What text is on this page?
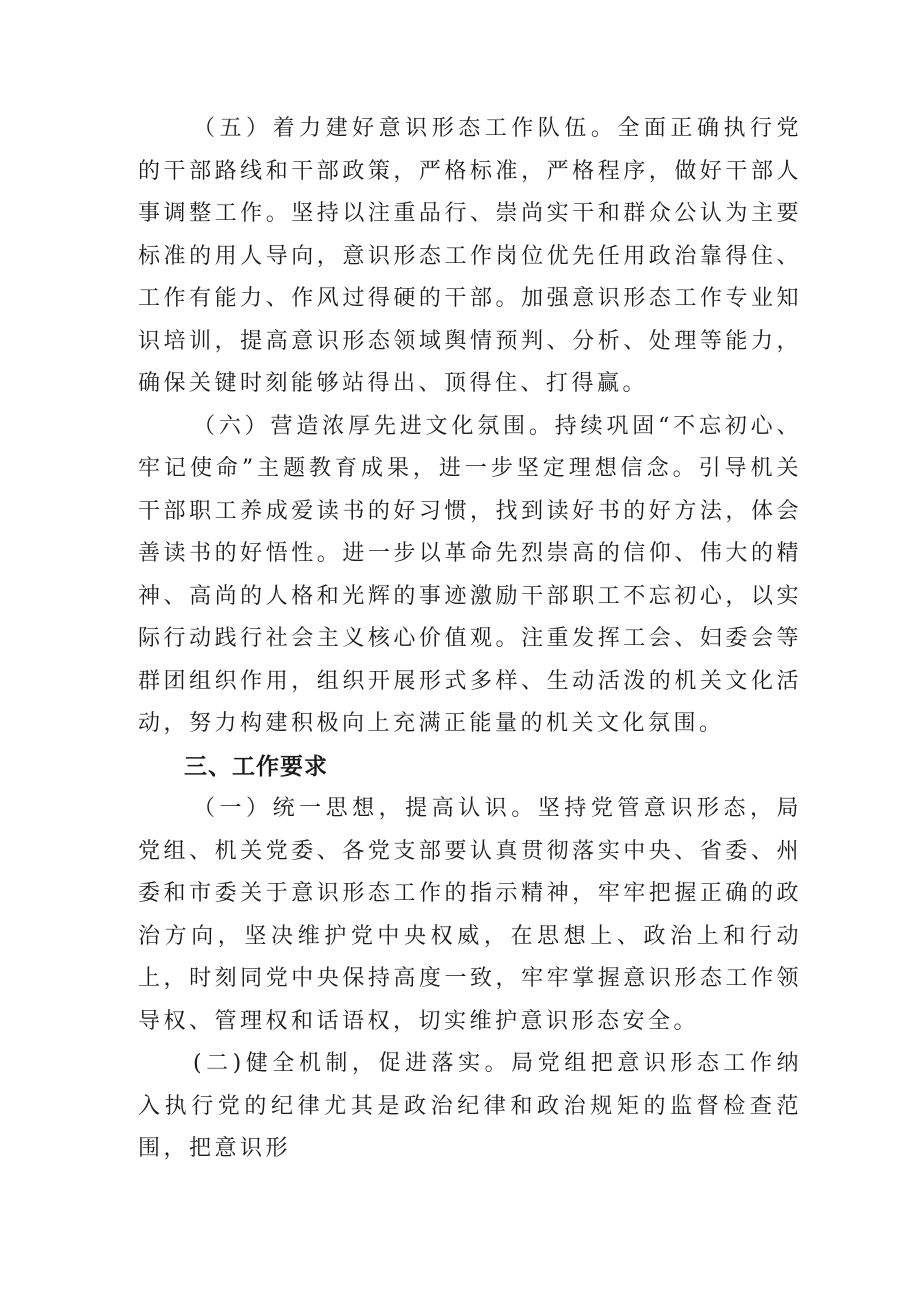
（五）着力建好意识形态工作队伍。全面正确执行党的干部路线和干部政策，严格标准，严格程序，做好干部人事调整工作。坚持以注重品行、崇尚实干和群众公认为主要标准的用人导向，意识形态工作岗位优先任用政治靠得住、工作有能力、作风过得硬的干部。加强意识形态工作专业知识培训，提高意识形态领域舆情预判、分析、处理等能力，确保关键时刻能够站得出、顶得住、打得赢。

（六）营造浓厚先进文化氛围。持续巩固“不忘初心、牢记使命”主题教育成果，进一步坚定理想信念。引导机关干部职工养成爱读书的好习惯，找到读好书的好方法，体会善读书的好悟性。进一步以革命先烈崇高的信仰、伟大的精神、高尚的人格和光辉的事迹激励干部职工不忘初心，以实际行动践行社会主义核心价值观。注重发挥工会、妇委会等群团组织作用，组织开展形式多样、生动活泼的机关文化活动，努力构建积极向上充满正能量的机关文化氛围。

三、工作要求

（一）统一思想，提高认识。坚持党管意识形态，局党组、机关党委、各党支部要认真贯彻落实中央、省委、州委和市委关于意识形态工作的指示精神，牢牢把握正确的政治方向，坚决维护党中央权威，在思想上、政治上和行动上，时刻同党中央保持高度一致，牢牢掌握意识形态工作领导权、管理权和话语权，切实维护意识形态安全。

(二)健全机制，促进落实。局党组把意识形态工作纳入执行党的纪律尤其是政治纪律和政治规矩的监督检查范围，把意识形
